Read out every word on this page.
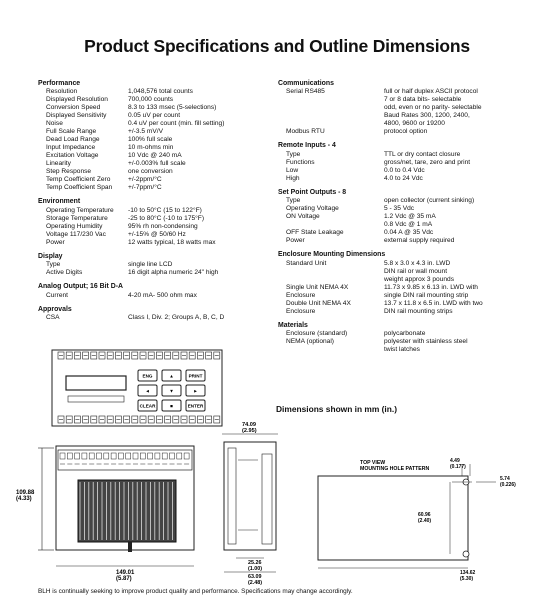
Product Specifications and Outline Dimensions
Performance
Resolution	1,048,576 total counts
Displayed Resolution	700,000 counts
Conversion Speed	8.3 to 133 msec (5-selections)
Displayed Sensitivity	0.05 uV per count
Noise	0.4 uV per count (min. fill setting)
Full Scale Range	+/-3.5 mV/V
Dead Load Range	100% full scale
Input Impedance	10 m-ohms min
Excitation Voltage	10 Vdc @ 240 mA
Linearity	+/-0.003% full scale
Step Response	one conversion
Temp Coefficient Zero	+/-2ppm/°C
Temp Coefficient Span	+/-7ppm/°C
Environment
Operating Temperature	-10 to 50°C (15 to 122°F)
Storage Temperature	-25 to 80°C (-10 to 175°F)
Operating Humidity	95% rh non-condensing
Voltage 117/230 Vac	+/-15% @ 50/60 Hz
Power	12 watts typical, 18 watts max
Display
Type	single line LCD
Active Digits	16 digit alpha numeric 24" high
Analog Output; 16 Bit D-A
Current	4-20 mA- 500 ohm max
Approvals
CSA	Class I, Div. 2; Groups A, B, C, D
Communications
Serial RS485	full or half duplex ASCII protocol
7 or 8 data bits- selectable
odd, even or no parity- selectable
Baud Rates 300, 1200, 2400,
4800, 9600 or 19200
Modbus RTU	protocol option
Remote Inputs - 4
Type	TTL or dry contact closure
Functions	gross/net, tare, zero and print
Low	0.0 to 0.4 Vdc
High	4.0 to 24 Vdc
Set Point Outputs - 8
Type	open collector (current sinking)
Operating Voltage	5 - 35 Vdc
ON Voltage	1.2 Vdc @ 35 mA
0.8 Vdc @ 1 mA
OFF State Leakage	0.04 A @ 35 Vdc
Power	external supply required
Enclosure Mounting Dimensions
Standard Unit	5.8 x 3.0 x 4.3 in. LWD
DIN rail or wall mount
weight approx 3 pounds
Single Unit NEMA 4X	11.73 x 9.85 x 6.13 in. LWD with
Enclosure	single DIN rail mounting strip
Double Unit NEMA 4X	13.7 x 11.8 x 6.5 in. LWD with two
Enclosure	DIN rail mounting strips
Materials
Enclosure (standard)	polycarbonate
NEMA (optional)	polyester with stainless steel
twist latches
ENG	▲	PRINT
◄	▼	►
CLEAR	■	ENTER
109.88 (4.33)
149.01 (5.87)
74.09 (2.95)
25.26 (1.00)
63.09 (2.48)
Dimensions shown in mm (in.)
TOP VIEW MOUNTING HOLE PATTERN
4.49 (0.177)
5.74 (0.226)
60.96 (2.40)
134.62 (5.30)
BLH is continually seeking to improve product quality and performance. Specifications may change accordingly.
